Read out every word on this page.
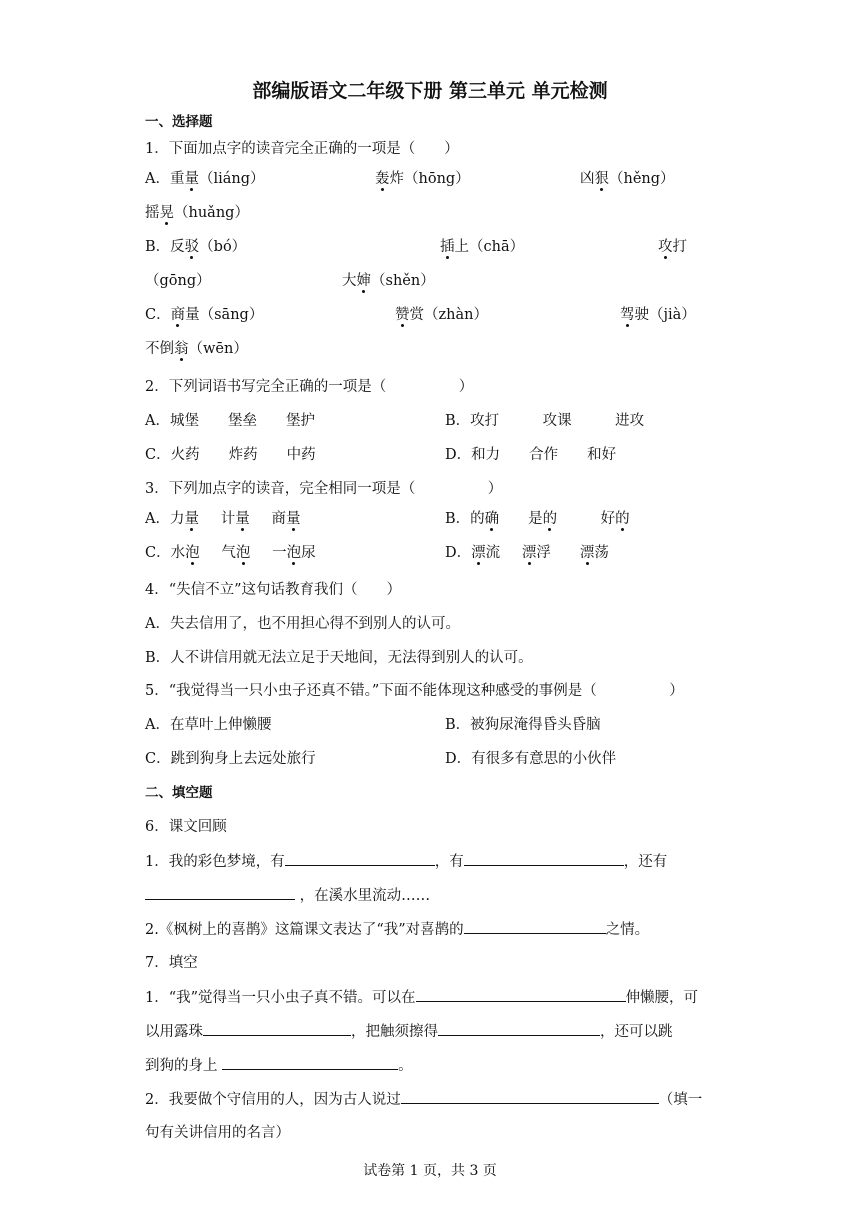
部编版语文二年级下册 第三单元 单元检测
一、选择题
1．下面加点字的读音完全正确的一项是（　　）
A．重量（liáng）	轰炸（hōng）	凶狠（hěng）
摇晃（huǎng）
B．反驳（bó）	插上（chā）	攻打
（gōng）	大婶（shěn）
C．商量（sāng）	赞赏（zhàn）	驾驶（jià）
不倒翁（wēn）
2．下列词语书写完全正确的一项是（　　　　　）
A．城堡　　堡垒　　堡护	B．攻打　　　攻课　　　进攻
C．火药　　炸药　　中药	D．和力　　合作　　和好
3．下列加点字的读音，完全相同一项是（　　　　　）
A．力量　  计量　  商量	B．的确　　 是的　　　	好的
C．水泡　  气泡　  一泡尿	D．漂流　  漂浮　　 漂荡
4．“失信不立”这句话教育我们（　　）
A．失去信用了，也不用担心得不到别人的认可。
B．人不讲信用就无法立足于天地间，无法得到别人的认可。
5．“我觉得当一只小虫子还真不错。”下面不能体现这种感受的事例是（　　　　　）
A．在草叶上伸懒腰	B．被狗尿淹得昏头昏脑
C．跳到狗身上去远处旅行	D．有很多有意思的小伙伴
二、填空题
6．课文回顾
1．我的彩色梦境，有	，有	，还有
，在溪水里流动……
2.《枫树上的喜鹊》这篇课文表达了“我”对喜鹊的	之情。
7．填空
1．“我”觉得当一只小虫子真不错。可以在	伸懒腰，可
以用露珠	，把触须擦得	，还可以跳
到狗的身上	。
2．我要做个守信用的人，因为古人说过	（填一
句有关讲信用的名言）
试卷第 1 页，共 3 页
